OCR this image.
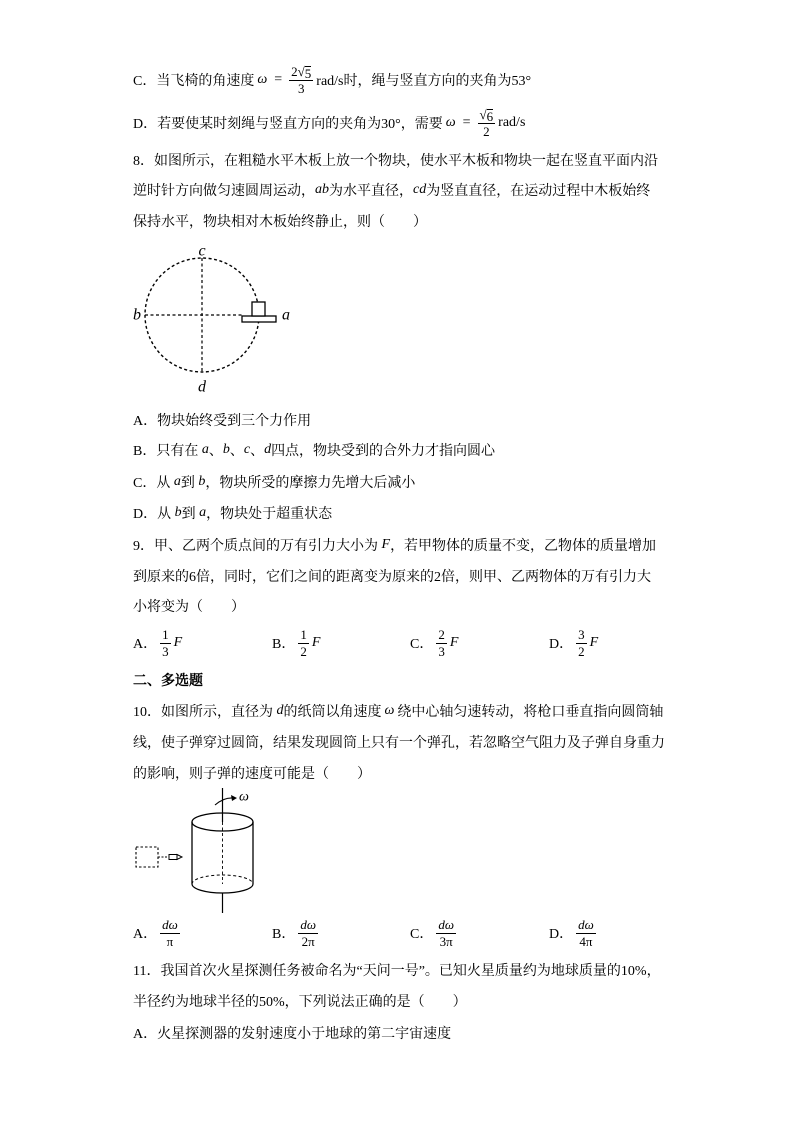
C． 当飞椅的角速度 $\omega = \frac{2 √ 5}{3} rad/s$时，绳与竖直方向的夹角为53°
D． 若要使某时刻绳与竖直方向的夹角为30°，需要 $\omega = \frac{√ 6}{2} rad/s$
8．如图所示，在粗糙水平木板上放一个物块，使水平木板和物块一起在竖直平面内沿
逆时针方向做匀速圆周运动， ab 为水平直径， cd 为竖直直径，在运动过程中木板始终
保持水平，物块相对木板始终静止，则（　　）
c
b	a
d
A．物块始终受到三个力作用
B．只有在 a 、 b 、 c 、 d 四点，物块受到的合外力才指向圆心
C．从 a 到 b ，物块所受的摩擦力先增大后减小
D．从 b 到 a ，物块处于超重状态
9．甲、乙两个质点间的万有引力大小为 F ，若甲物体的质量不变，乙物体的质量增加
到原来的6倍，同时，它们之间的距离变为原来的2倍，则甲、乙两物体的万有引力大
小将变为（　　）
A． $\frac{1}{3}$ F	B． $\frac{1}{2}$ F	C． $\frac{2}{3}$ F	D． $\frac{3}{2}$ F
二、多选题
10．如图所示，直径为 d 的纸筒以角速度 ω 绕中心轴匀速转动，将枪口垂直指向圆筒轴
线，使子弹穿过圆筒，结果发现圆筒上只有一个弹孔，若忽略空气阻力及子弹自身重力
的影响，则子弹的速度可能是（　　）
ω
A． $\frac{d\omega}{\pi}$	B． $\frac{d\omega}{2\pi}$	C． $\frac{d\omega}{3\pi}$	D． $\frac{d\omega}{4\pi}$
11．我国首次火星探测任务被命名为“天问一号”。已知火星质量约为地球质量的10%，
半径约为地球半径的50%，下列说法正确的是（　　）
A．火星探测器的发射速度小于地球的第二宇宙速度
